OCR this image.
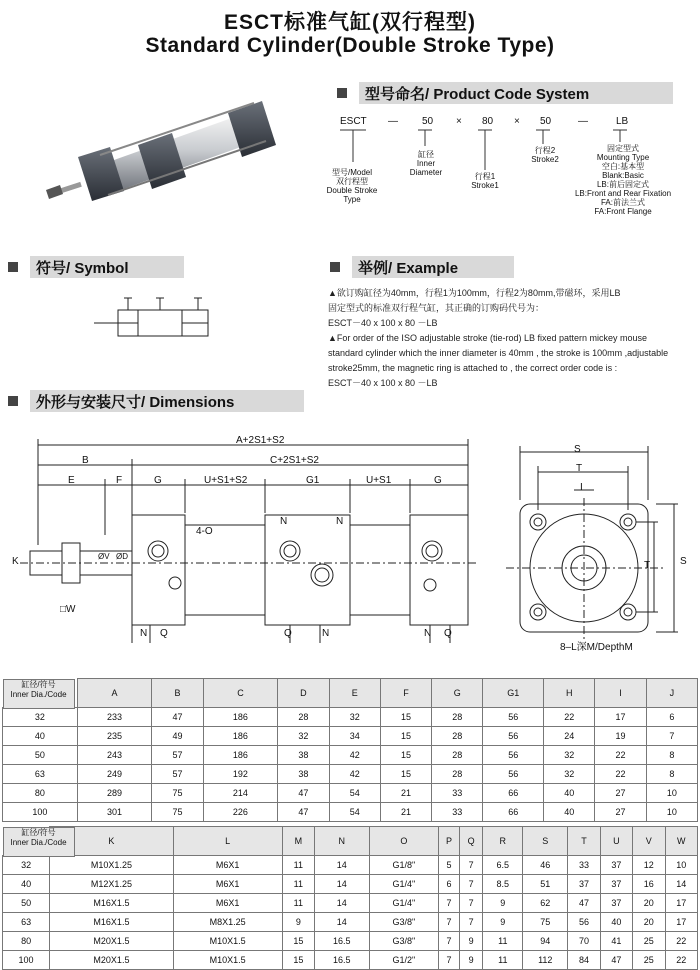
ESCT标准气缸(双行程型)
Standard Cylinder(Double Stroke Type)
型号命名/ Product Code System
ESCT — 50 × 80 × 50	—	LB
型号/Model
双行程型
Double Stroke
Type
缸径
Inner
Diameter	行程1
Stroke1
行程2
Stroke2
固定型式
Mounting Type
空白:基本型
Blank:Basic
LB:前后固定式
LB:Front and Rear Fixation
FA:前法兰式
FA:Front Flange
符号/ Symbol	举例/ Example
▲欲订购缸径为40mm，行程1为100mm，行程2为80mm,带磁环，采用LB
固定型式的标准双行程气缸，其正确的订购码代号为：
ESCT－40 x 100 x 80 －LB
▲For order of the ISO adjustable stroke (tie-rod) LB fixed pattern mickey mouse
standard cylinder which the inner diameter is 40mm , the stroke is 100mm ,adjustable
stroke25mm, the magnetic ring is attached to , the correct order code is :
ESCT－40 x 100 x 80 －LB
外形与安装尺寸/ Dimensions
A+2S1+S2
B	C+2S1+S2
E	F	G	U+S1+S2	G1	U+S1	G
K	ØV ØD
□W
4-O
N	N
N Q	Q	N	N Q
S
T
I
T	S
8–L深M/DepthM
缸径/符号
Inner Dia./Code	A	B	C	D	E	F	G	G1	H	I	J
32	233	47	186	28	32	15	28	56	22	17	6
40	235	49	186	32	34	15	28	56	24	19	7
50	243	57	186	38	42	15	28	56	32	22	8
63	249	57	192	38	42	15	28	56	32	22	8
80	289	75	214	47	54	21	33	66	40	27	10
100	301	75	226	47	54	21	33	66	40	27	10
缸径/符号
Inner Dia./Code	K	L	M	N	O	P	Q	R	S	T	U	V	W
32	M10X1.25	M6X1	11	14	G1/8"	5	7	6.5	46	33	37	12	10
40	M12X1.25	M6X1	11	14	G1/4"	6	7	8.5	51	37	37	16	14
50	M16X1.5	M6X1	11	14	G1/4"	7	7	9	62	47	37	20	17
63	M16X1.5	M8X1.25	9	14	G3/8"	7	7	9	75	56	40	20	17
80	M20X1.5	M10X1.5	15	16.5	G3/8"	7	9	11	94	70	41	25	22
100	M20X1.5	M10X1.5	15	16.5	G1/2"	7	9	11	112	84	47	25	22
